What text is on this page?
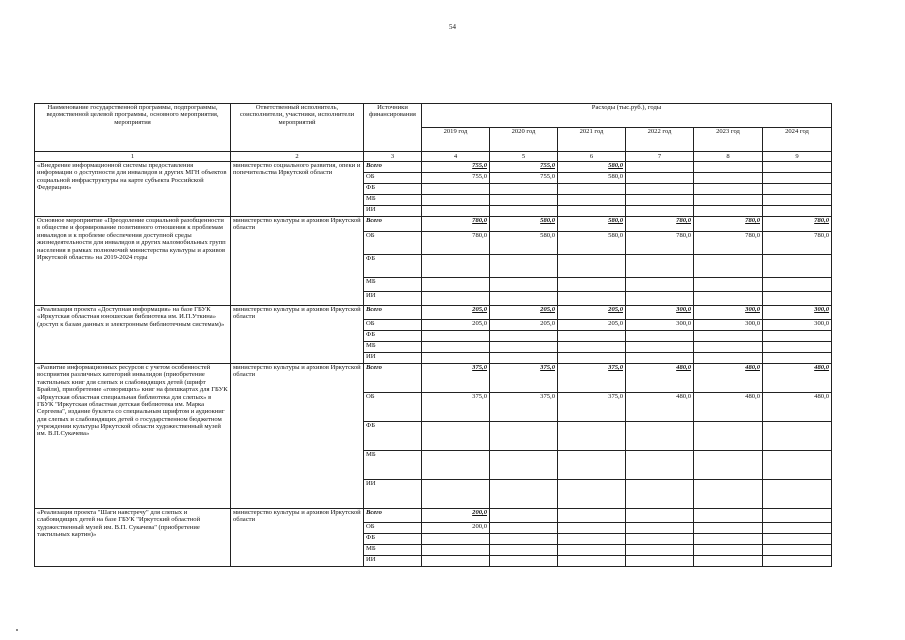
54
Наименование государственной программы, подпрограммы, ведомственной целевой программы, основного мероприятия, мероприятия	Ответственный исполнитель, соисполнители, участники, исполнители мероприятий	Источники финансирования	Расходы (тыс.руб.), годы					
			2019 год	2020 год	2021 год	2022 год	2023 год	2024 год
1	2	3	4	5	6	7	8	9
«Внедрение информационной системы предоставления информации о доступности для инвалидов и других МГН объектов социальной инфраструктуры на карте субъекта Российской Федерации»	министерство социального развития, опеки и попечительства Иркутской области	Всего	755,0	755,0	580,0			
		ОБ	755,0	755,0	580,0			
		ФБ						
		МБ						
		ИИ						
Основное мероприятие «Преодоление социальной разобщенности в обществе и формирование позитивного отношения к проблемам инвалидов и к проблеме обеспечения доступной среды жизнедеятельности для инвалидов и других маломобильных групп населения в рамках полномочий министерства культуры и архивов Иркутской области» на 2019-2024 годы	министерство культуры и архивов Иркутской области	Всего	780,0	580,0	580,0	780,0	780,0	780,0
		ОБ	780,0	580,0	580,0	780,0	780,0	780,0
		ФБ						
		МБ						
		ИИ						
«Реализация проекта «Доступная информация» на базе ГБУК «Иркутская областная юношеская библиотека им. И.П.Уткина» (доступ к базам данных и электронным библиотечным системам)»	министерство культуры и архивов Иркутской области	Всего	205,0	205,0	205,0	300,0	300,0	300,0
		ОБ	205,0	205,0	205,0	300,0	300,0	300,0
		ФБ						
		МБ						
		ИИ						
«Развитие информационных ресурсов с учетом особенностей восприятия различных категорий инвалидов (приобретение тактильных книг для слепых и слабовидящих детей (шрифт Брайля), приобретение «говорящих» книг на флешкартах для ГБУК «Иркутская областная специальная библиотека для слепых» в ГБУК "Иркутская областная детская библиотека им. Марка Сергеева", издание буклета со специальным шрифтом и аудиокниг для слепых и слабовидящих детей о государственном бюджетном учреждении культуры Иркутской области художественный музей им. В.П.Сукачева»	министерство культуры и архивов Иркутской области	Всего	375,0	375,0	375,0	480,0	480,0	480,0
		ОБ	375,0	375,0	375,0	480,0	480,0	480,0
		ФБ						
		МБ						
		ИИ						
«Реализация проекта "Шаги навстречу" для слепых и слабовидящих детей на базе ГБУК "Иркутский областной художественный музей им. В.П. Сукачева" (приобретение тактильных картин)»	министерство культуры и архивов Иркутской области	Всего	200,0					
		ОБ	200,0					
		ФБ						
		МБ						
		ИИ						
